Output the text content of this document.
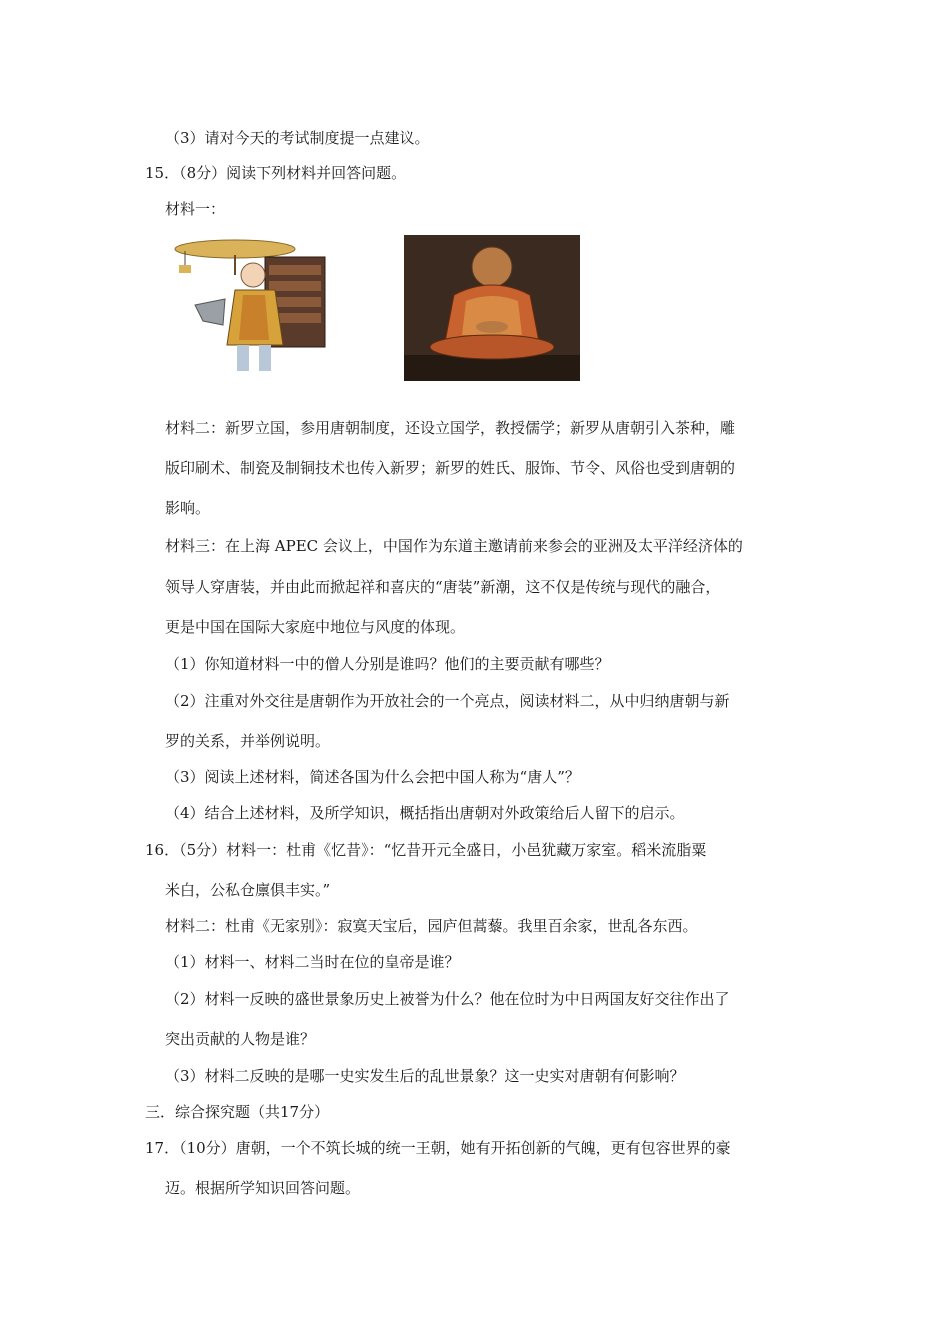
（3）请对今天的考试制度提一点建议。
15．（8分）阅读下列材料并回答问题。
材料一：
材料二：新罗立国，参用唐朝制度，还设立国学，教授儒学；新罗从唐朝引入茶种，雕
版印刷术、制瓷及制铜技术也传入新罗；新罗的姓氏、服饰、节令、风俗也受到唐朝的
影响。
材料三：在上海 APEC 会议上，中国作为东道主邀请前来参会的亚洲及太平洋经济体的
领导人穿唐装，并由此而掀起祥和喜庆的“唐装”新潮，这不仅是传统与现代的融合，
更是中国在国际大家庭中地位与风度的体现。
（1）你知道材料一中的僧人分别是谁吗？他们的主要贡献有哪些？
（2）注重对外交往是唐朝作为开放社会的一个亮点，阅读材料二，从中归纳唐朝与新
罗的关系，并举例说明。
（3）阅读上述材料，简述各国为什么会把中国人称为“唐人”？
（4）结合上述材料，及所学知识，概括指出唐朝对外政策给后人留下的启示。
16．（5分）材料一：杜甫《忆昔》：“忆昔开元全盛日，小邑犹藏万家室。稻米流脂粟
米白，公私仓廪俱丰实。”
材料二：杜甫《无家别》：寂寞天宝后，园庐但蒿藜。我里百余家，世乱各东西。
（1）材料一、材料二当时在位的皇帝是谁？
（2）材料一反映的盛世景象历史上被誉为什么？他在位时为中日两国友好交往作出了
突出贡献的人物是谁？
（3）材料二反映的是哪一史实发生后的乱世景象？这一史实对唐朝有何影响？
三．综合探究题（共17分）
17．（10分）唐朝，一个不筑长城的统一王朝，她有开拓创新的气魄，更有包容世界的豪
迈。根据所学知识回答问题。
